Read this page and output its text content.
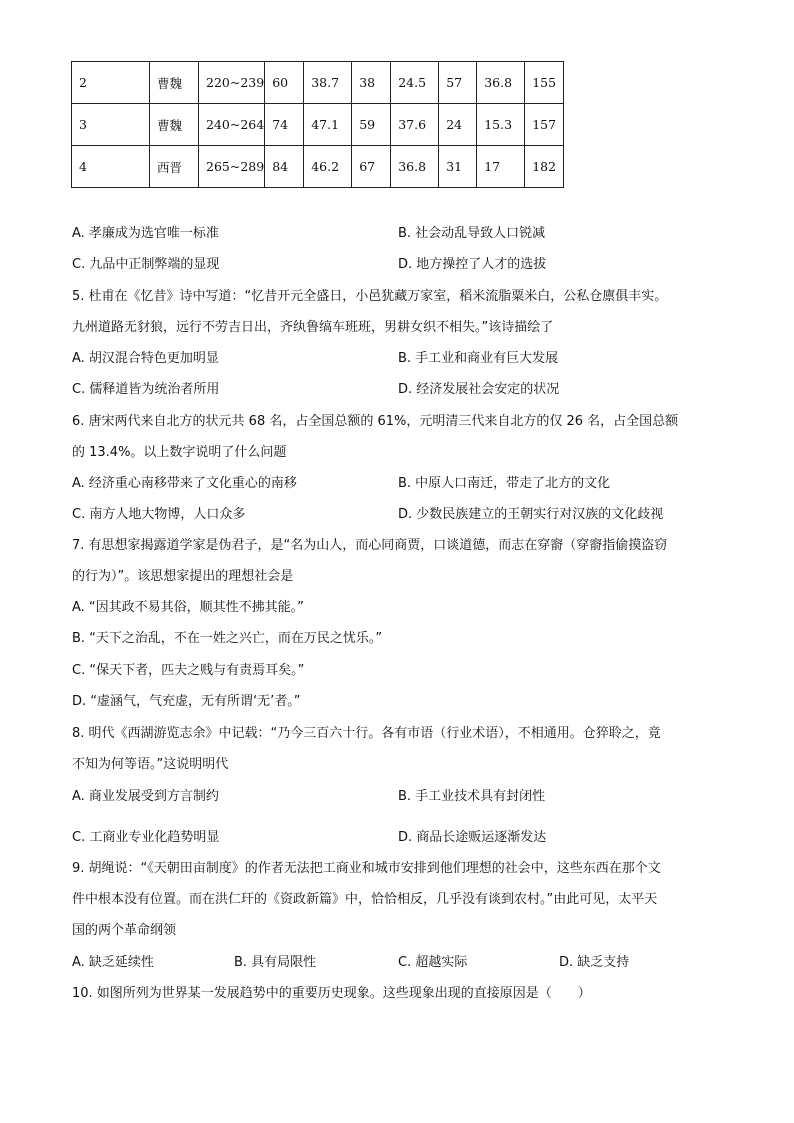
2	曹魏	220~239	60	38.7	38	24.5	57	36.8	155
3	曹魏	240~264	74	47.1	59	37.6	24	15.3	157
4	西晋	265~289	84	46.2	67	36.8	31	17	182
A. 孝廉成为选官唯一标准	B. 社会动乱导致人口锐减
C. 九品中正制弊端的显现	D. 地方操控了人才的选拔
5. 杜甫在《忆昔》诗中写道：“忆昔开元全盛日，小邑犹藏万家室，稻米流脂粟米白，公私仓廪俱丰实。
九州道路无豺狼，远行不劳吉日出，齐纨鲁缟车班班，男耕女织不相失。”该诗描绘了
A. 胡汉混合特色更加明显	B. 手工业和商业有巨大发展
C. 儒释道皆为统治者所用	D. 经济发展社会安定的状况
6. 唐宋两代来自北方的状元共 68 名，占全国总额的 61%，元明清三代来自北方的仅 26 名，占全国总额
的 13.4%。以上数字说明了什么问题
A. 经济重心南移带来了文化重心的南移	B. 中原人口南迁，带走了北方的文化
C. 南方人地大物博，人口众多	D. 少数民族建立的王朝实行对汉族的文化歧视
7. 有思想家揭露道学家是伪君子，是“名为山人，而心同商贾，口谈道德，而志在穿窬（穿窬指偷摸盗窃
的行为）”。该思想家提出的理想社会是
A. “因其政不易其俗，顺其性不拂其能。”
B. “天下之治乱，不在一姓之兴亡，而在万民之忧乐。”
C. “保天下者，匹夫之贱与有责焉耳矣。”
D. “虚涵气，气充虚，无有所谓‘无’者。”
8. 明代《西湖游览志余》中记载：“乃今三百六十行。各有市语（行业术语），不相通用。仓猝聆之，竟
不知为何等语。”这说明明代
A. 商业发展受到方言制约	B. 手工业技术具有封闭性
C. 工商业专业化趋势明显	D. 商品长途贩运逐渐发达
9. 胡绳说：“《天朝田亩制度》的作者无法把工商业和城市安排到他们理想的社会中，这些东西在那个文
件中根本没有位置。而在洪仁玕的《资政新篇》中，恰恰相反，几乎没有谈到农村。”由此可见，太平天
国的两个革命纲领
A. 缺乏延续性	B. 具有局限性	C. 超越实际	D. 缺乏支持
10. 如图所列为世界某一发展趋势中的重要历史现象。这些现象出现的直接原因是（　　）
